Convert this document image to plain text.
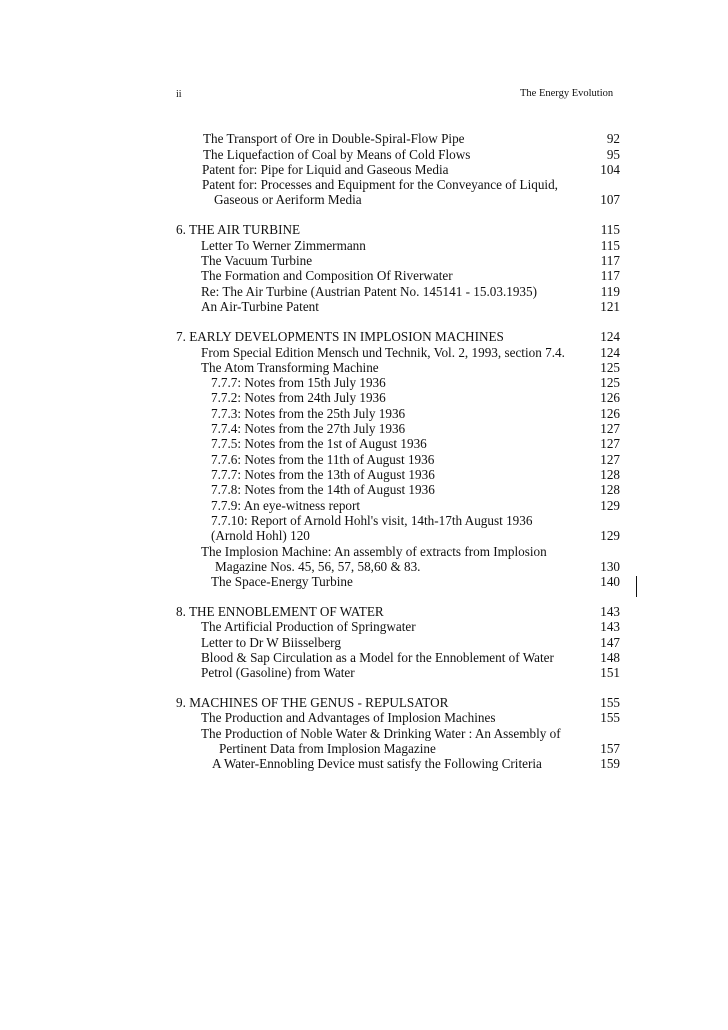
ii	The Energy Evolution
The Transport of Ore in Double-Spiral-Flow Pipe	92
The Liquefaction of Coal by Means of Cold Flows	95
Patent for: Pipe for Liquid and Gaseous Media	104
Patent for: Processes and Equipment for the Conveyance of Liquid,
Gaseous or Aeriform Media	107
6. THE AIR TURBINE	115
Letter To Werner Zimmermann	115
The Vacuum Turbine	117
The Formation and Composition Of Riverwater	117
Re: The Air Turbine (Austrian Patent No. 145141 - 15.03.1935)	119
An Air-Turbine Patent	121
7. EARLY DEVELOPMENTS IN IMPLOSION MACHINES	124
From Special Edition Mensch und Technik, Vol. 2, 1993, section 7.4.	124
The Atom Transforming Machine	125
7.7.7: Notes from 15th July 1936	125
7.7.2: Notes from 24th July 1936	126
7.7.3: Notes from the 25th July 1936	126
7.7.4: Notes from the 27th July 1936	127
7.7.5: Notes from the 1st of August 1936	127
7.7.6: Notes from the 11th of August 1936	127
7.7.7: Notes from the 13th of August 1936	128
7.7.8: Notes from the 14th of August 1936	128
7.7.9: An eye-witness report	129
7.7.10: Report of Arnold Hohl's visit, 14th-17th August 1936
(Arnold Hohl) 120	129
The Implosion Machine: An assembly of extracts from Implosion
Magazine Nos. 45, 56, 57, 58,60 & 83.	130
The Space-Energy Turbine	140
8. THE ENNOBLEMENT OF WATER	143
The Artificial Production of Springwater	143
Letter to Dr W Biisselberg	147
Blood & Sap Circulation as a Model for the Ennoblement of Water	148
Petrol (Gasoline) from Water	151
9. MACHINES OF THE GENUS - REPULSATOR	155
The Production and Advantages of Implosion Machines	155
The Production of Noble Water & Drinking Water : An Assembly of
Pertinent Data from Implosion Magazine	157
A Water-Ennobling Device must satisfy the Following Criteria	159
